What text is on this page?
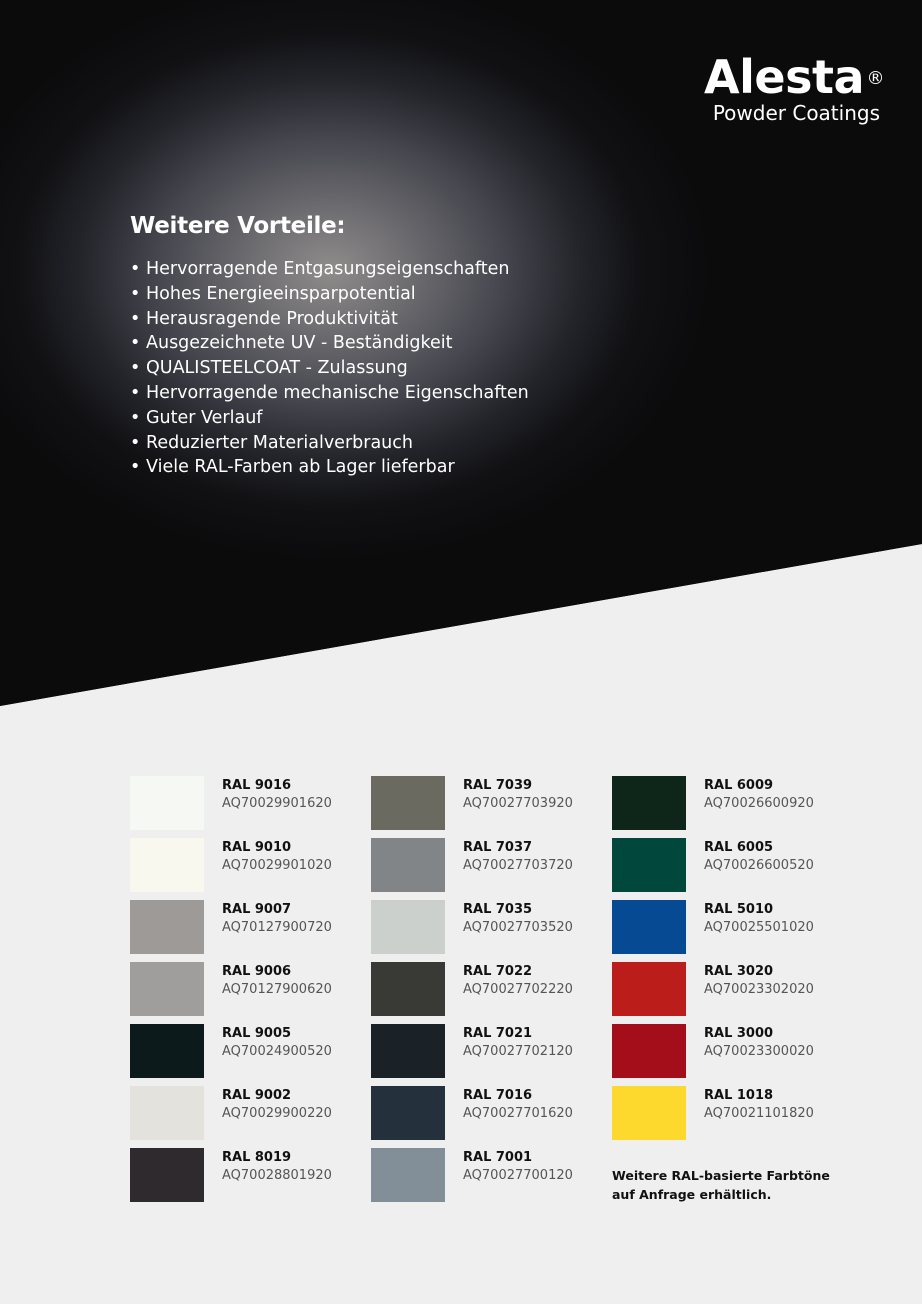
Alesta ®
Powder Coatings
Weitere Vorteile:
• Hervorragende Entgasungseigenschaften
• Hohes Energieeinsparpotential
• Herausragende Produktivität
• Ausgezeichnete UV - Beständigkeit
• QUALISTEELCOAT - Zulassung
• Hervorragende mechanische Eigenschaften
• Guter Verlauf
• Reduzierter Materialverbrauch
• Viele RAL-Farben ab Lager lieferbar
RAL 9016
AQ70029901620
RAL 9010
AQ70029901020
RAL 9007
AQ70127900720
RAL 9006
AQ70127900620
RAL 9005
AQ70024900520
RAL 9002
AQ70029900220
RAL 8019
AQ70028801920
RAL 7039
AQ70027703920
RAL 7037
AQ70027703720
RAL 7035
AQ70027703520
RAL 7022
AQ70027702220
RAL 7021
AQ70027702120
RAL 7016
AQ70027701620
RAL 7001
AQ70027700120
RAL 6009
AQ70026600920
RAL 6005
AQ70026600520
RAL 5010
AQ70025501020
RAL 3020
AQ70023302020
RAL 3000
AQ70023300020
RAL 1018
AQ70021101820
Weitere RAL-basierte Farbtöne
auf Anfrage erhältlich.
